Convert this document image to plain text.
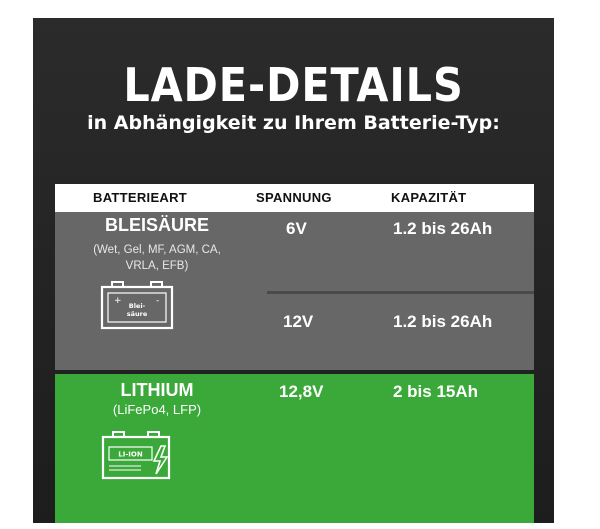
LADE-DETAILS
in Abhängigkeit zu Ihrem Batterie-Typ:
BATTERIEART	SPANNUNG	KAPAZITÄT
BLEISÄURE
(Wet, Gel, MF, AGM, CA, VRLA, EFB)
+	-
Blei-
säure
6V	1.2 bis 26Ah
12V	1.2 bis 26Ah
LITHIUM
(LiFePo4, LFP)
LI-ION
12,8V	2 bis 15Ah
